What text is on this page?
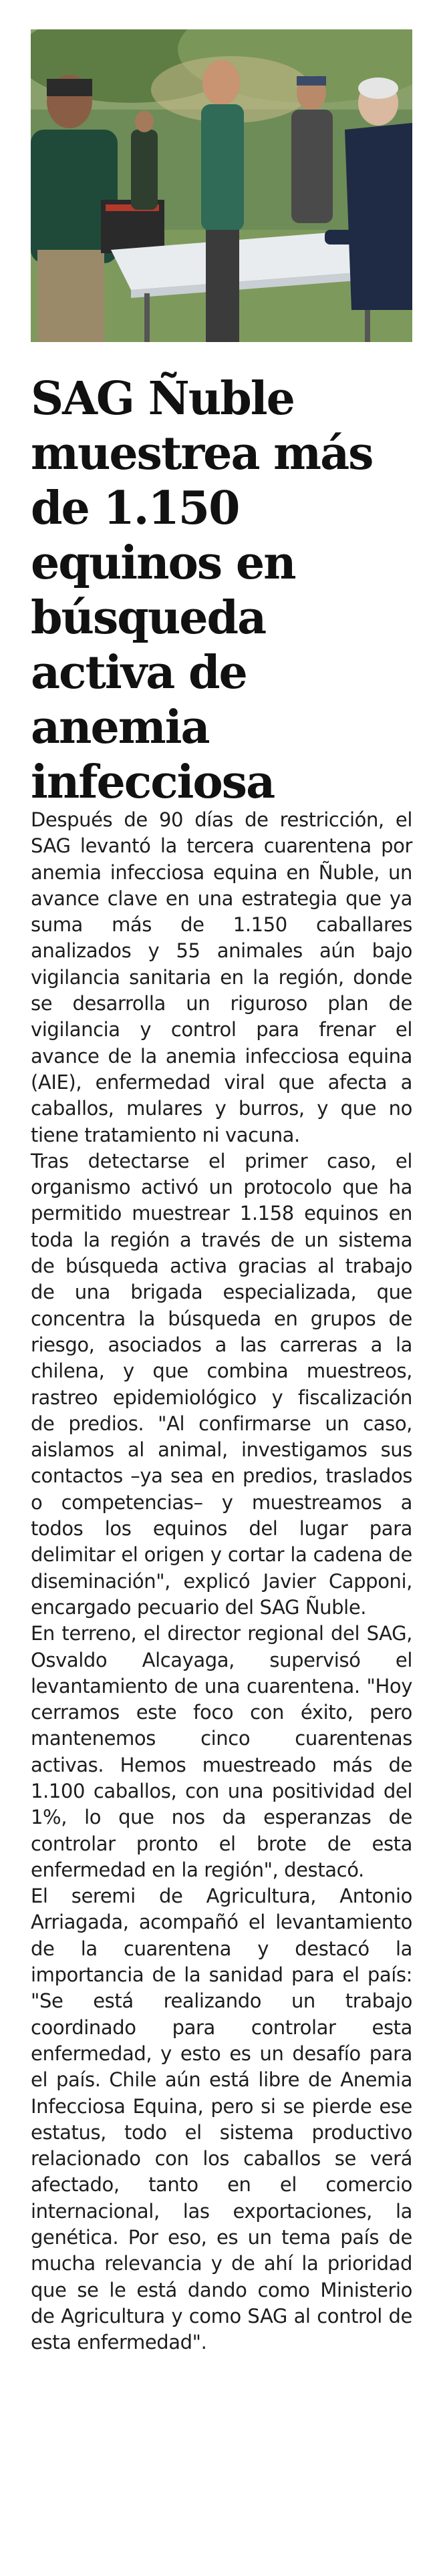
SAG Ñuble muestrea más de 1.150 equinos en búsqueda activa de anemia infecciosa

Después de 90 días de restricción, el SAG levantó la tercera cuarentena por anemia infecciosa equina en Ñuble, un avance clave en una estrategia que ya suma más de 1.150 caballares analizados y 55 animales aún bajo vigilancia sanitaria en la región, donde se desarrolla un riguroso plan de vigilancia y control para frenar el avance de la anemia infecciosa equina (AIE), enfermedad viral que afecta a caballos, mulares y burros, y que no tiene tratamiento ni vacuna.

Tras detectarse el primer caso, el organismo activó un protocolo que ha permitido muestrear 1.158 equinos en toda la región a través de un sistema de búsqueda activa gracias al trabajo de una brigada especializada, que concentra la búsqueda en grupos de riesgo, asociados a las carreras a la chilena, y que combina muestreos, rastreo epidemiológico y fiscalización de predios. "Al confirmarse un caso, aislamos al animal, investigamos sus contactos –ya sea en predios, traslados o competencias– y muestreamos a todos los equinos del lugar para delimitar el origen y cortar la cadena de diseminación", explicó Javier Capponi, encargado pecuario del SAG Ñuble.

En terreno, el director regional del SAG, Osvaldo Alcayaga, supervisó el levantamiento de una cuarentena. "Hoy cerramos este foco con éxito, pero mantenemos cinco cuarentenas activas. Hemos muestreado más de 1.100 caballos, con una positividad del 1%, lo que nos da esperanzas de controlar pronto el brote de esta enfermedad en la región", destacó.

El seremi de Agricultura, Antonio Arriagada, acompañó el levantamiento de la cuarentena y destacó la importancia de la sanidad para el país: "Se está realizando un trabajo coordinado para controlar esta enfermedad, y esto es un desafío para el país. Chile aún está libre de Anemia Infecciosa Equina, pero si se pierde ese estatus, todo el sistema productivo relacionado con los caballos se verá afectado, tanto en el comercio internacional, las exportaciones, la genética. Por eso, es un tema país de mucha relevancia y de ahí la prioridad que se le está dando como Ministerio de Agricultura y como SAG al control de esta enfermedad".
